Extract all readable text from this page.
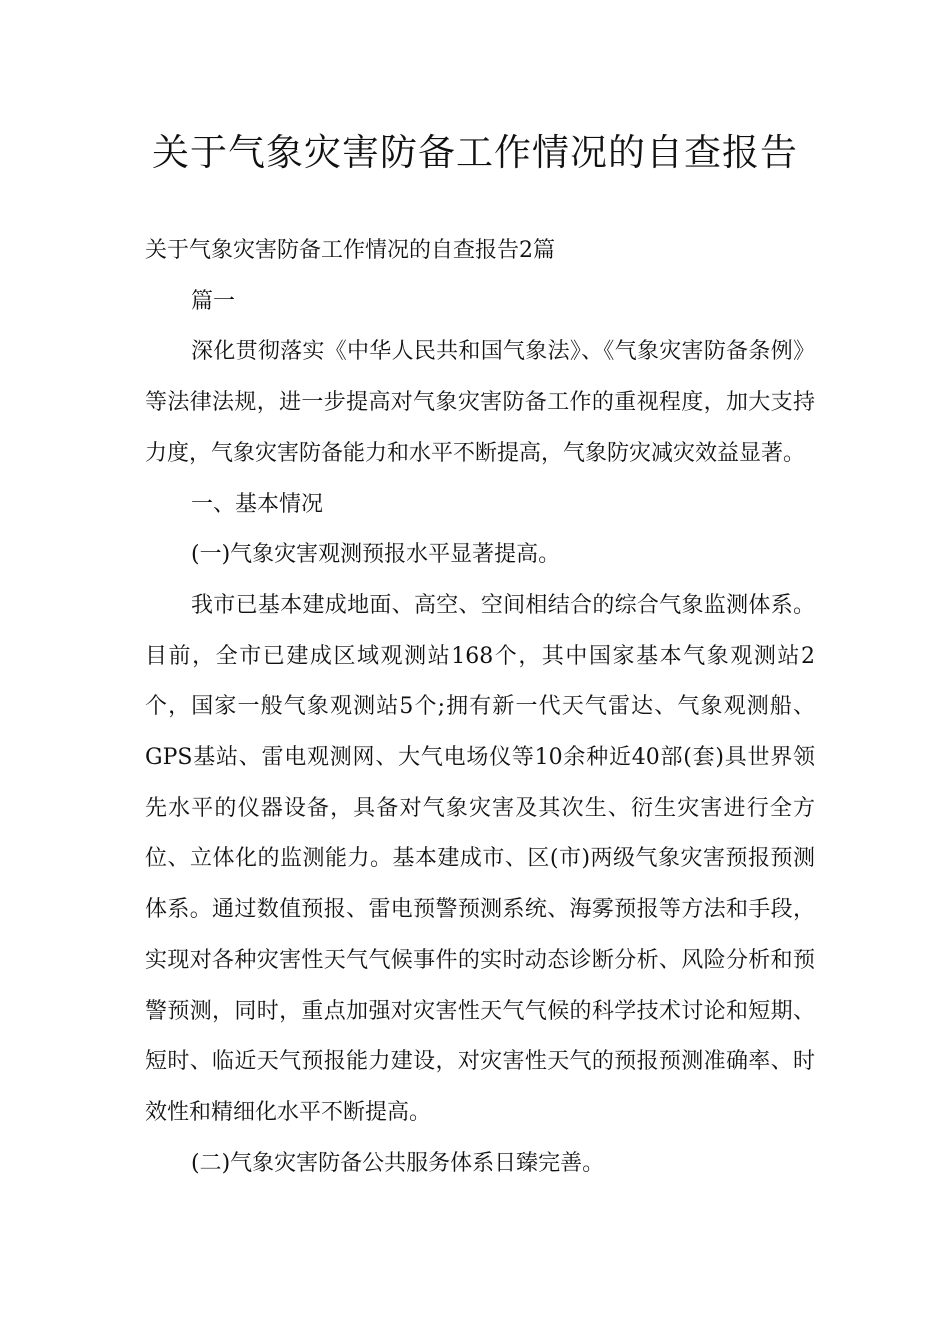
关于气象灾害防备工作情况的自查报告

关于气象灾害防备工作情况的自查报告2篇

篇一

深化贯彻落实《中华人民共和国气象法》、《气象灾害防备条例》等法律法规，进一步提高对气象灾害防备工作的重视程度，加大支持力度，气象灾害防备能力和水平不断提高，气象防灾减灾效益显著。

一、基本情况

(一)气象灾害观测预报水平显著提高。

我市已基本建成地面、高空、空间相结合的综合气象监测体系。目前，全市已建成区域观测站168个，其中国家基本气象观测站2个，国家一般气象观测站5个;拥有新一代天气雷达、气象观测船、GPS基站、雷电观测网、大气电场仪等10余种近40部(套)具世界领先水平的仪器设备，具备对气象灾害及其次生、衍生灾害进行全方位、立体化的监测能力。基本建成市、区(市)两级气象灾害预报预测体系。通过数值预报、雷电预警预测系统、海雾预报等方法和手段，实现对各种灾害性天气气候事件的实时动态诊断分析、风险分析和预警预测，同时，重点加强对灾害性天气气候的科学技术讨论和短期、短时、临近天气预报能力建设，对灾害性天气的预报预测准确率、时效性和精细化水平不断提高。

(二)气象灾害防备公共服务体系日臻完善。
